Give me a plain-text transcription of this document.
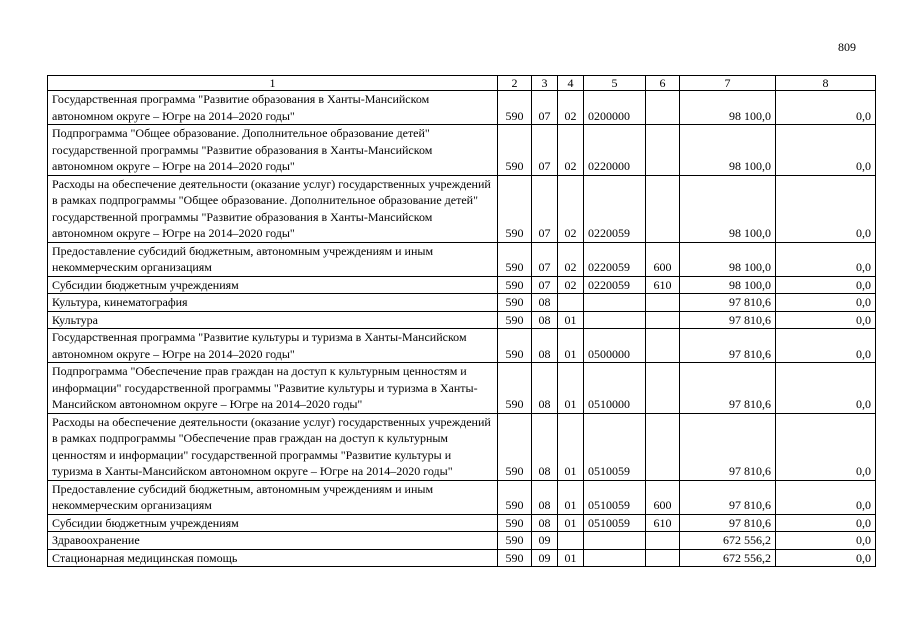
809
1	2	3	4	5	6	7	8
Государственная программа "Развитие образования в Ханты-Мансийском автономном округе – Югре на 2014–2020 годы"	590	07	02	0200000		98 100,0	0,0
Подпрограмма "Общее образование. Дополнительное образование детей" государственной программы "Развитие образования в Ханты-Мансийском автономном округе – Югре на 2014–2020 годы"	590	07	02	0220000		98 100,0	0,0
Расходы на обеспечение деятельности (оказание услуг) государственных учреждений в рамках подпрограммы "Общее образование. Дополнительное образование детей" государственной программы "Развитие образования в Ханты-Мансийском автономном округе – Югре на 2014–2020 годы"	590	07	02	0220059		98 100,0	0,0
Предоставление субсидий бюджетным, автономным учреждениям и иным некоммерческим организациям	590	07	02	0220059	600	98 100,0	0,0
Субсидии бюджетным учреждениям	590	07	02	0220059	610	98 100,0	0,0
Культура, кинематография	590	08				97 810,6	0,0
Культура	590	08	01			97 810,6	0,0
Государственная программа "Развитие культуры и туризма в Ханты-Мансийском автономном округе – Югре на 2014–2020 годы"	590	08	01	0500000		97 810,6	0,0
Подпрограмма "Обеспечение прав граждан на доступ к культурным ценностям и информации" государственной программы "Развитие культуры и туризма в Ханты-Мансийском автономном округе – Югре на 2014–2020 годы"	590	08	01	0510000		97 810,6	0,0
Расходы на обеспечение деятельности (оказание услуг) государственных учреждений в рамках подпрограммы "Обеспечение прав граждан на доступ к культурным ценностям и информации" государственной программы "Развитие культуры и туризма в Ханты-Мансийском автономном округе – Югре на 2014–2020 годы"	590	08	01	0510059		97 810,6	0,0
Предоставление субсидий бюджетным, автономным учреждениям и иным некоммерческим организациям	590	08	01	0510059	600	97 810,6	0,0
Субсидии бюджетным учреждениям	590	08	01	0510059	610	97 810,6	0,0
Здравоохранение	590	09				672 556,2	0,0
Стационарная медицинская помощь	590	09	01			672 556,2	0,0
